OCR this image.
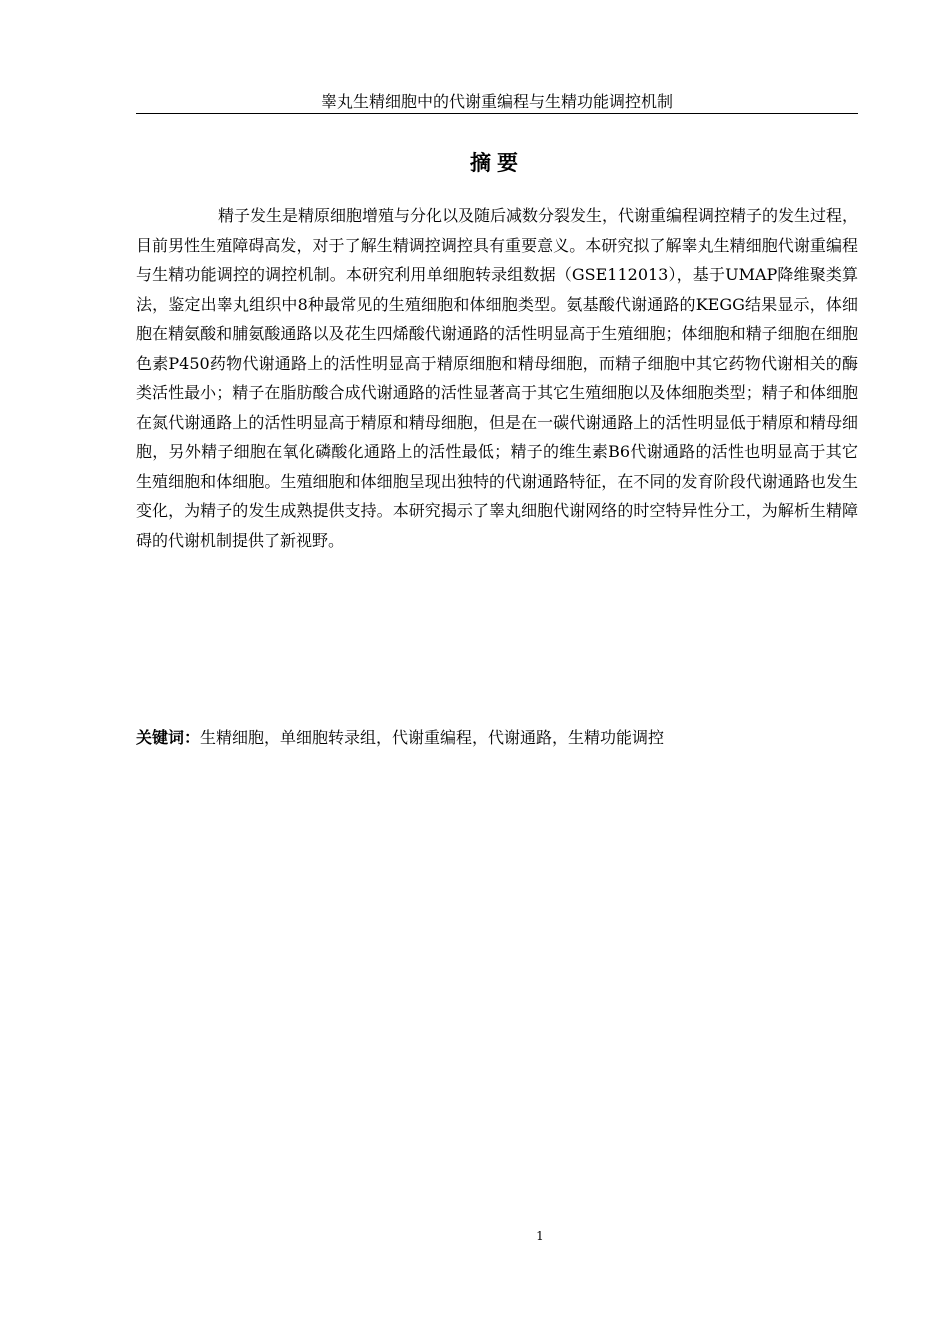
睾丸生精细胞中的代谢重编程与生精功能调控机制
摘要

精子发生是精原细胞增殖与分化以及随后减数分裂发生，代谢重编程调控精子的发生过程，目前男性生殖障碍高发，对于了解生精调控调控具有重要意义。本研究拟了解睾丸生精细胞代谢重编程与生精功能调控的调控机制。本研究利用单细胞转录组数据（GSE112013），基于UMAP降维聚类算法，鉴定出睾丸组织中8种最常见的生殖细胞和体细胞类型。氨基酸代谢通路的KEGG结果显示，体细胞在精氨酸和脯氨酸通路以及花生四烯酸代谢通路的活性明显高于生殖细胞；体细胞和精子细胞在细胞色素P450药物代谢通路上的活性明显高于精原细胞和精母细胞，而精子细胞中其它药物代谢相关的酶类活性最小；精子在脂肪酸合成代谢通路的活性显著高于其它生殖细胞以及体细胞类型；精子和体细胞在氮代谢通路上的活性明显高于精原和精母细胞，但是在一碳代谢通路上的活性明显低于精原和精母细胞，另外精子细胞在氧化磷酸化通路上的活性最低；精子的维生素B6代谢通路的活性也明显高于其它生殖细胞和体细胞。生殖细胞和体细胞呈现出独特的代谢通路特征，在不同的发育阶段代谢通路也发生变化，为精子的发生成熟提供支持。本研究揭示了睾丸细胞代谢网络的时空特异性分工，为解析生精障碍的代谢机制提供了新视野。

关键词：生精细胞，单细胞转录组，代谢重编程，代谢通路，生精功能调控

1
